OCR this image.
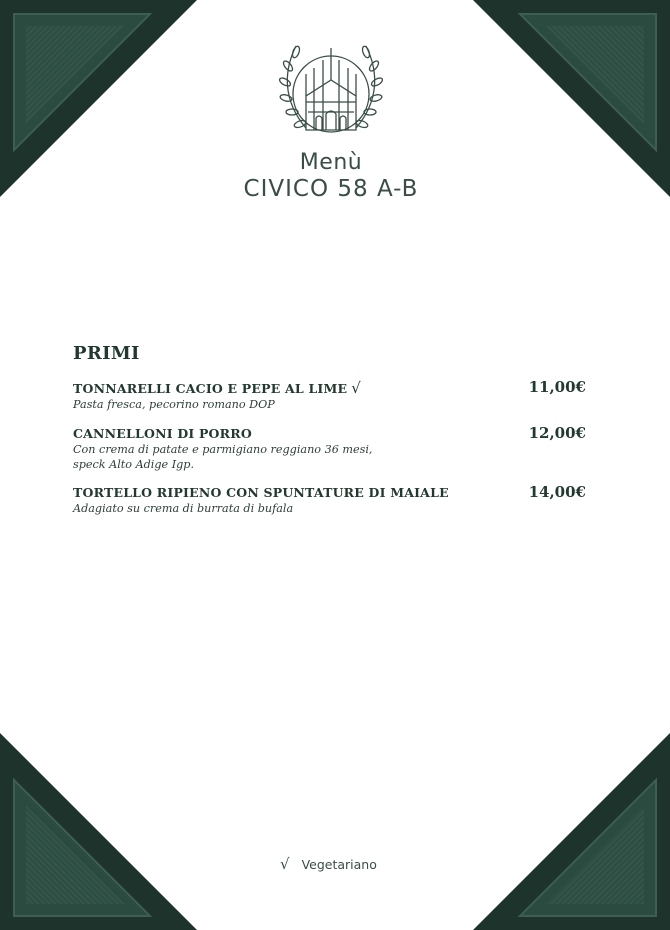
Menù
CIVICO 58 A-B
PRIMI
TONNARELLI CACIO E PEPE AL LIME √
Pasta fresca, pecorino romano DOP
11,00€
CANNELLONI DI PORRO
Con crema di patate e parmigiano reggiano 36 mesi,
speck Alto Adige Igp.
12,00€
TORTELLO RIPIENO CON SPUNTATURE DI MAIALE
Adagiato su crema di burrata di bufala
14,00€
√ Vegetariano
